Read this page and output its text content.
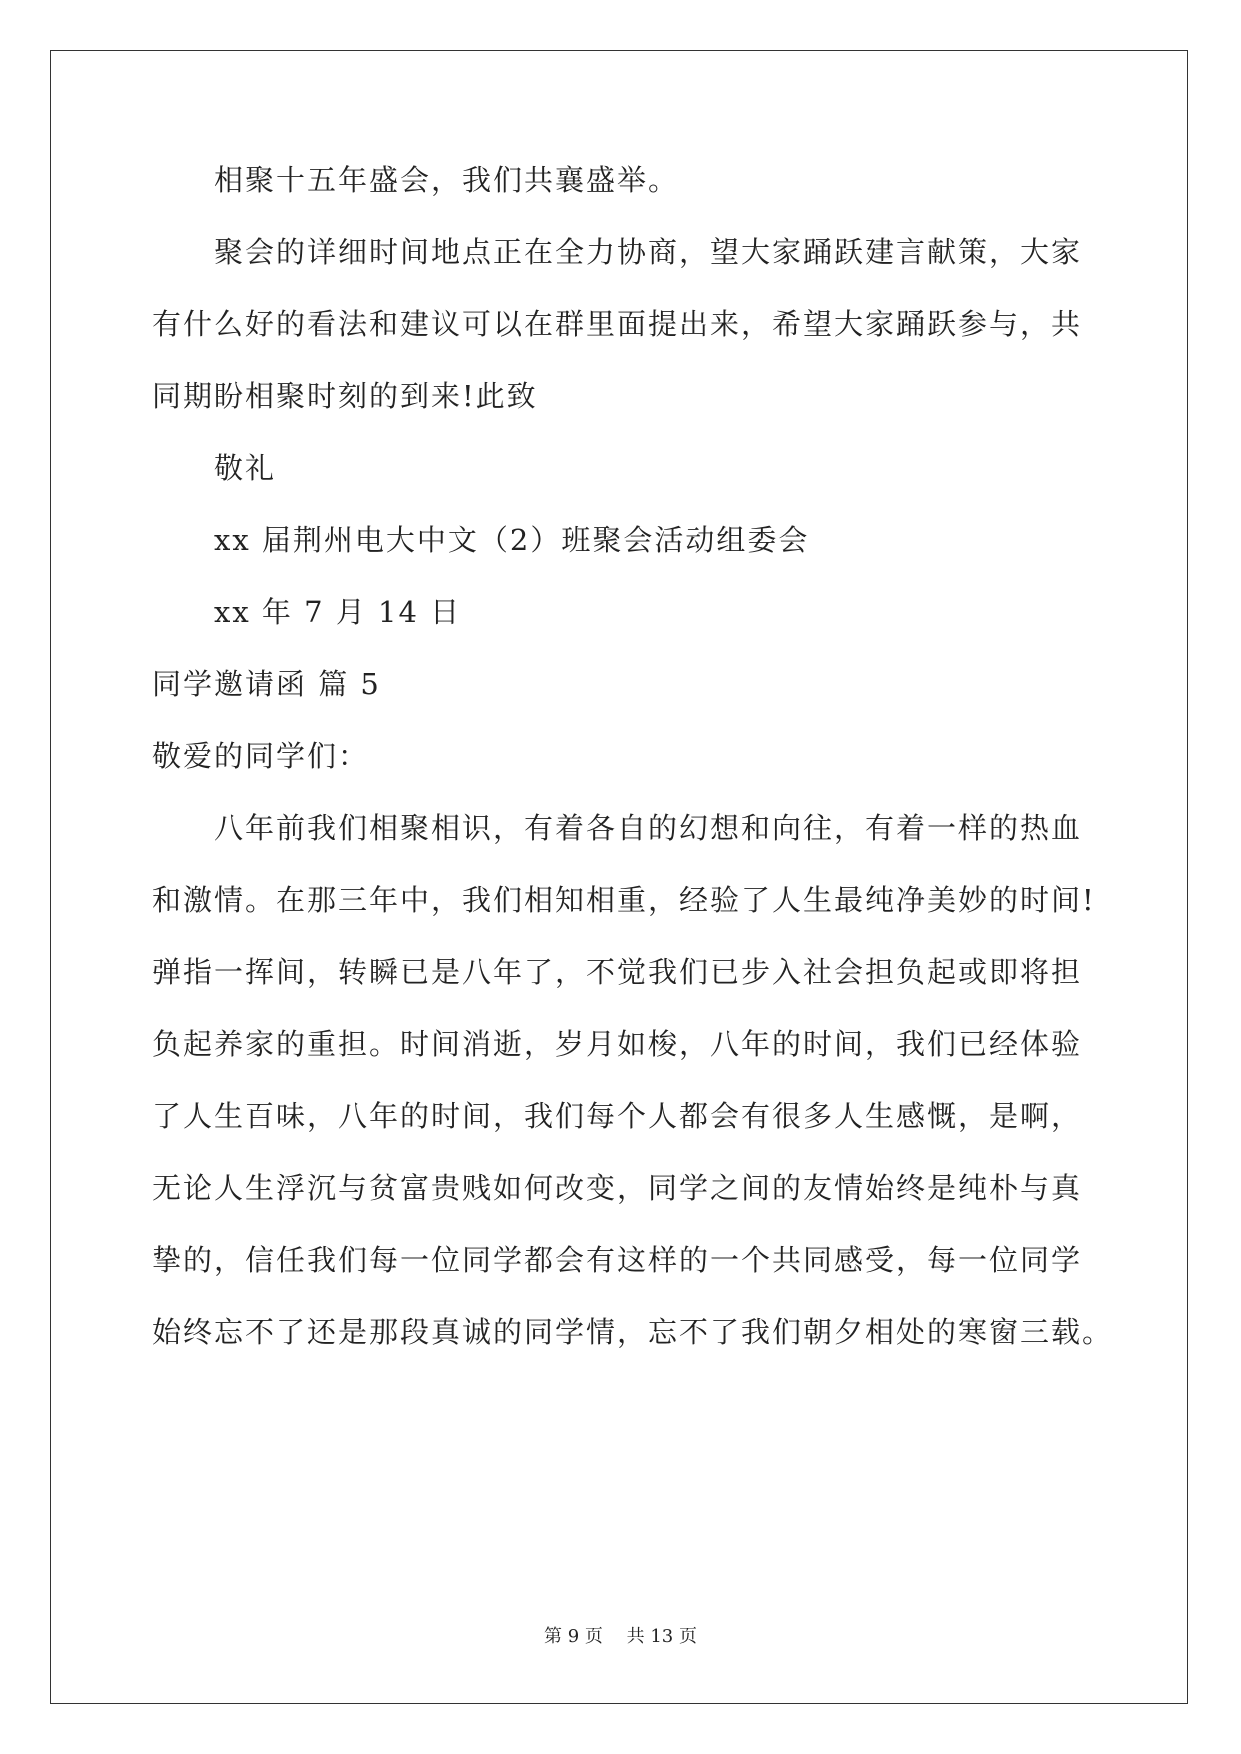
相聚十五年盛会，我们共襄盛举。
聚会的详细时间地点正在全力协商，望大家踊跃建言献策，大家
有什么好的看法和建议可以在群里面提出来，希望大家踊跃参与，共
同期盼相聚时刻的到来!此致
敬礼
xx 届荆州电大中文（2）班聚会活动组委会
xx 年 7 月 14 日
同学邀请函 篇 5
敬爱的同学们：
八年前我们相聚相识，有着各自的幻想和向往，有着一样的热血
和激情。在那三年中，我们相知相重，经验了人生最纯净美妙的时间!
弹指一挥间，转瞬已是八年了，不觉我们已步入社会担负起或即将担
负起养家的重担。时间消逝，岁月如梭，八年的时间，我们已经体验
了人生百味，八年的时间，我们每个人都会有很多人生感慨，是啊，
无论人生浮沉与贫富贵贱如何改变，同学之间的友情始终是纯朴与真
挚的，信任我们每一位同学都会有这样的一个共同感受，每一位同学
始终忘不了还是那段真诚的同学情，忘不了我们朝夕相处的寒窗三载。
第 9 页　 共 13 页
